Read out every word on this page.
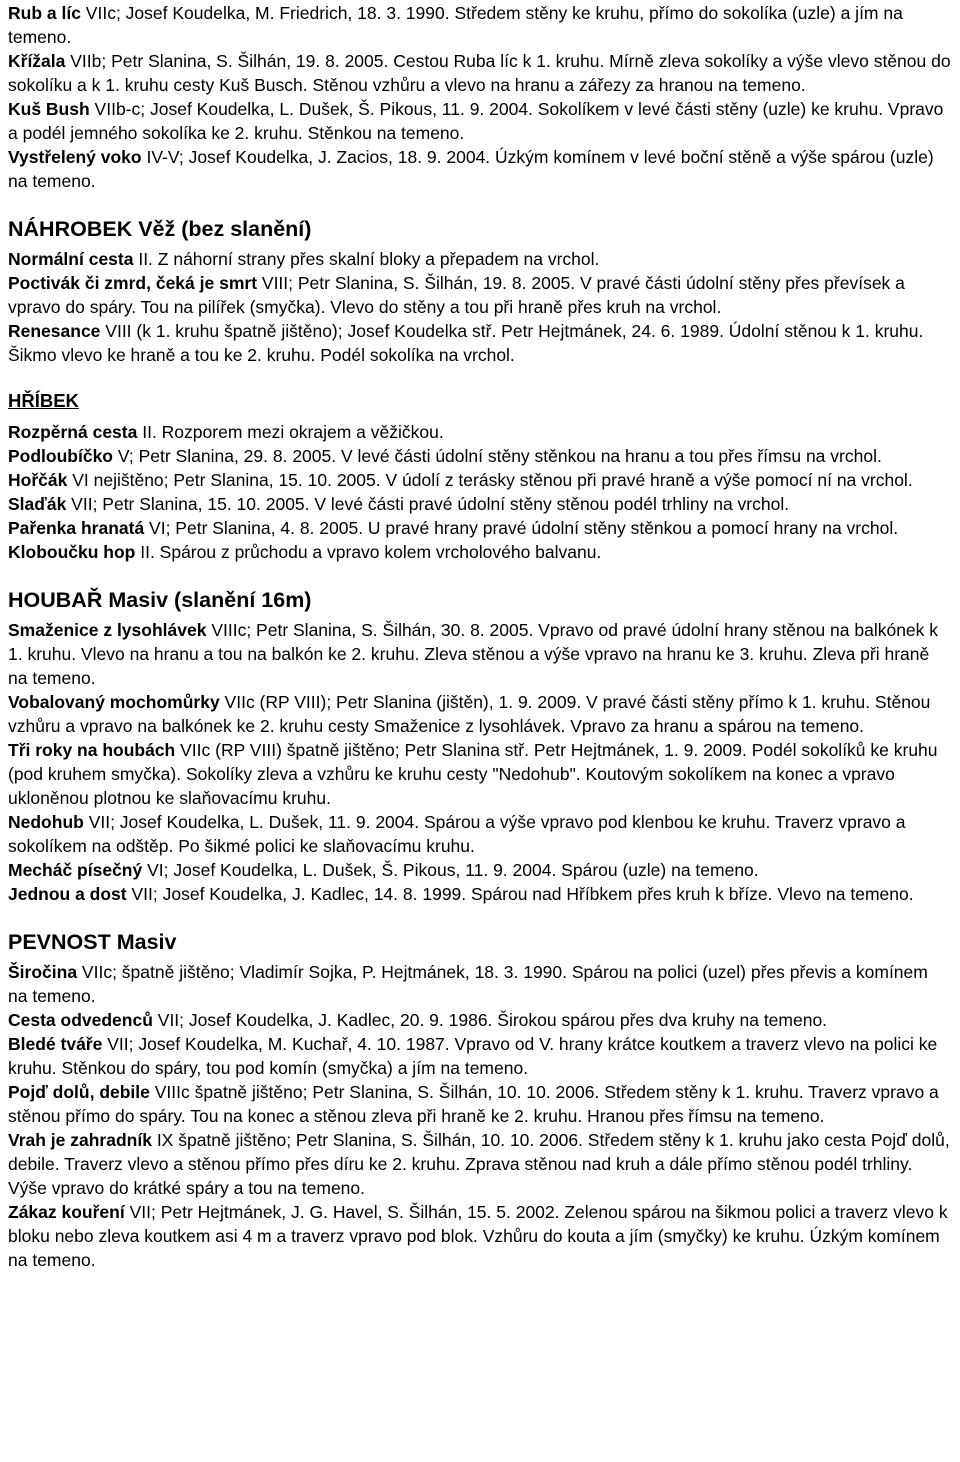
Rub a líc VIIc; Josef Koudelka, M. Friedrich, 18. 3. 1990. Středem stěny ke kruhu, přímo do sokolíka (uzle) a jím na temeno.

Křížala VIIb; Petr Slanina, S. Šilhán, 19. 8. 2005. Cestou Ruba líc k 1. kruhu. Mírně zleva sokolíky a výše vlevo stěnou do sokolíku a k 1. kruhu cesty Kuš Busch. Stěnou vzhůru a vlevo na hranu a zářezy za hranou na temeno.

Kuš Bush VIIb-c; Josef Koudelka, L. Dušek, Š. Pikous, 11. 9. 2004. Sokolíkem v levé části stěny (uzle) ke kruhu. Vpravo a podél jemného sokolíka ke 2. kruhu. Stěnkou na temeno.

Vystřelený voko IV-V; Josef Koudelka, J. Zacios, 18. 9. 2004. Úzkým komínem v levé boční stěně a výše spárou (uzle) na temeno.

NÁHROBEK Věž (bez slanění)

Normální cesta II. Z náhorní strany přes skalní bloky a přepadem na vrchol.

Poctivák či zmrd, čeká je smrt VIII; Petr Slanina, S. Šilhán, 19. 8. 2005. V pravé části údolní stěny přes převísek a vpravo do spáry. Tou na pilířek (smyčka). Vlevo do stěny a tou při hraně přes kruh na vrchol.

Renesance VIII (k 1. kruhu špatně jištěno); Josef Koudelka stř. Petr Hejtmánek, 24. 6. 1989. Údolní stěnou k 1. kruhu. Šikmo vlevo ke hraně a tou ke 2. kruhu. Podél sokolíka na vrchol.

HŘÍBEK

Rozpěrná cesta II. Rozporem mezi okrajem a věžičkou.

Podloubíčko V; Petr Slanina, 29. 8. 2005. V levé části údolní stěny stěnkou na hranu a tou přes římsu na vrchol.

Hořčák VI nejištěno; Petr Slanina, 15. 10. 2005. V údolí z terásky stěnou při pravé hraně a výše pomocí ní na vrchol.

Slaďák VII; Petr Slanina, 15. 10. 2005. V levé části pravé údolní stěny stěnou podél trhliny na vrchol.

Pařenka hranatá VI; Petr Slanina, 4. 8. 2005. U pravé hrany pravé údolní stěny stěnkou a pomocí hrany na vrchol.

Kloboučku hop II. Spárou z průchodu a vpravo kolem vrcholového balvanu.

HOUBAŘ Masiv (slanění 16m)

Smaženice z lysohlávek VIIIc; Petr Slanina, S. Šilhán, 30. 8. 2005. Vpravo od pravé údolní hrany stěnou na balkónek k 1. kruhu. Vlevo na hranu a tou na balkón ke 2. kruhu. Zleva stěnou a výše vpravo na hranu ke 3. kruhu. Zleva při hraně na temeno.

Vobalovaný mochomůrky VIIc (RP VIII); Petr Slanina (jištěn), 1. 9. 2009. V pravé části stěny přímo k 1. kruhu. Stěnou vzhůru a vpravo na balkónek ke 2. kruhu cesty Smaženice z lysohlávek. Vpravo za hranu a spárou na temeno.

Tři roky na houbách VIIc (RP VIII) špatně jištěno; Petr Slanina stř. Petr Hejtmánek, 1. 9. 2009. Podél sokolíků ke kruhu (pod kruhem smyčka). Sokolíky zleva a vzhůru ke kruhu cesty "Nedohub". Koutovým sokolíkem na konec a vpravo ukloněnou plotnou ke slaňovacímu kruhu.

Nedohub VII; Josef Koudelka, L. Dušek, 11. 9. 2004. Spárou a výše vpravo pod klenbou ke kruhu. Traverz vpravo a sokolíkem na odštěp. Po šikmé polici ke slaňovacímu kruhu.

Mecháč písečný VI; Josef Koudelka, L. Dušek, Š. Pikous, 11. 9. 2004. Spárou (uzle) na temeno.

Jednou a dost VII; Josef Koudelka, J. Kadlec, 14. 8. 1999. Spárou nad Hříbkem přes kruh k bříze. Vlevo na temeno.

PEVNOST Masiv

Širočina VIIc; špatně jištěno; Vladimír Sojka, P. Hejtmánek, 18. 3. 1990. Spárou na polici (uzel) přes převis a komínem na temeno.

Cesta odvedenců VII; Josef Koudelka, J. Kadlec, 20. 9. 1986. Širokou spárou přes dva kruhy na temeno.

Bledé tváře VII; Josef Koudelka, M. Kuchař, 4. 10. 1987. Vpravo od V. hrany krátce koutkem a traverz vlevo na polici ke kruhu. Stěnkou do spáry, tou pod komín (smyčka) a jím na temeno.

Pojď dolů, debile VIIIc špatně jištěno; Petr Slanina, S. Šilhán, 10. 10. 2006. Středem stěny k 1. kruhu. Traverz vpravo a stěnou přímo do spáry. Tou na konec a stěnou zleva při hraně ke 2. kruhu. Hranou přes římsu na temeno.

Vrah je zahradník IX špatně jištěno; Petr Slanina, S. Šilhán, 10. 10. 2006. Středem stěny k 1. kruhu jako cesta Pojď dolů, debile. Traverz vlevo a stěnou přímo přes díru ke 2. kruhu. Zprava stěnou nad kruh a dále přímo stěnou podél trhliny. Výše vpravo do krátké spáry a tou na temeno.

Zákaz kouření VII; Petr Hejtmánek, J. G. Havel, S. Šilhán, 15. 5. 2002. Zelenou spárou na šikmou polici a traverz vlevo k bloku nebo zleva koutkem asi 4 m a traverz vpravo pod blok. Vzhůru do kouta a jím (smyčky) ke kruhu. Úzkým komínem na temeno.
